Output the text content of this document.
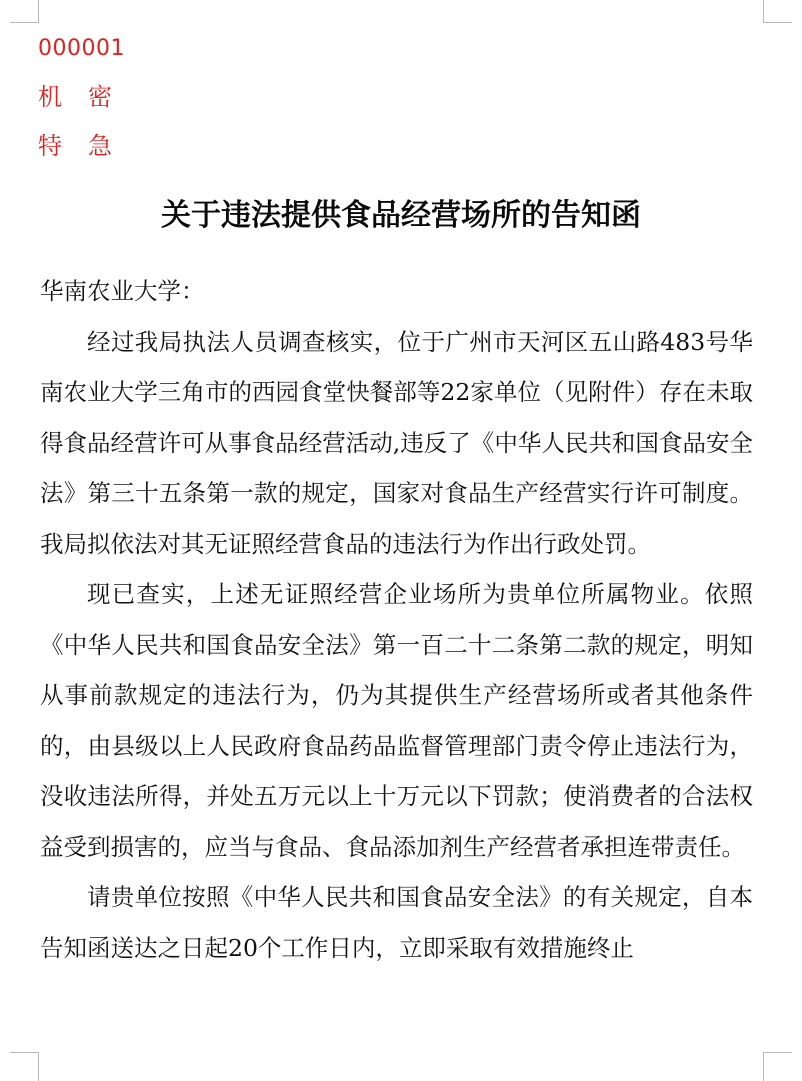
000001
机密
特急
关于违法提供食品经营场所的告知函

华南农业大学：

经过我局执法人员调查核实，位于广州市天河区五山路483号华南农业大学三角市的西园食堂快餐部等22家单位（见附件）存在未取得食品经营许可从事食品经营活动,违反了《中华人民共和国食品安全法》第三十五条第一款的规定，国家对食品生产经营实行许可制度。我局拟依法对其无证照经营食品的违法行为作出行政处罚。

现已查实，上述无证照经营企业场所为贵单位所属物业。依照《中华人民共和国食品安全法》第一百二十二条第二款的规定，明知从事前款规定的违法行为，仍为其提供生产经营场所或者其他条件的，由县级以上人民政府食品药品监督管理部门责令停止违法行为，没收违法所得，并处五万元以上十万元以下罚款；使消费者的合法权益受到损害的，应当与食品、食品添加剂生产经营者承担连带责任。

请贵单位按照《中华人民共和国食品安全法》的有关规定，自本告知函送达之日起20个工作日内，立即采取有效措施终止
